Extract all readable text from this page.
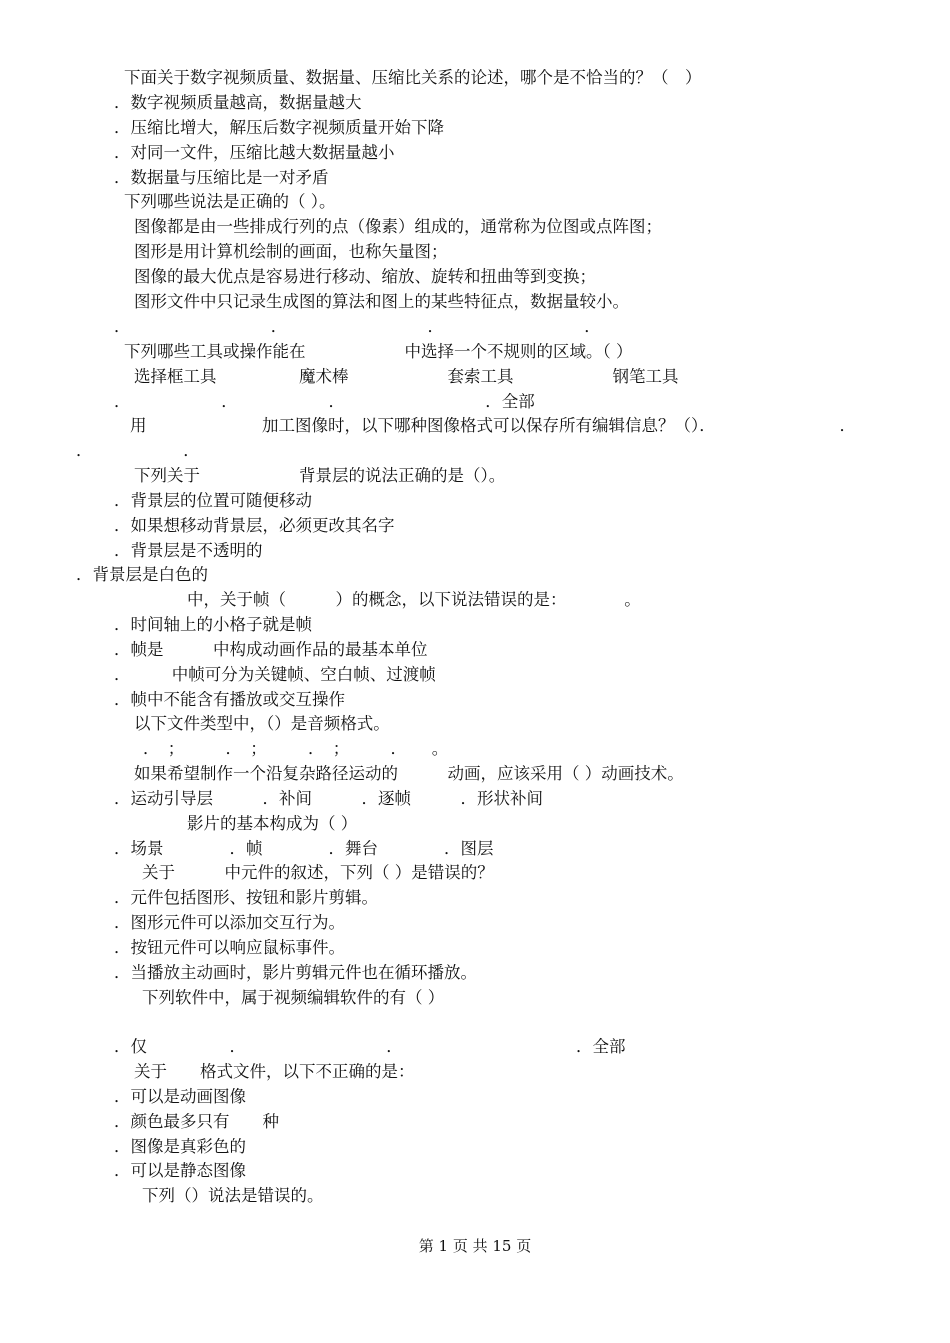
下面关于数字视频质量、数据量、压缩比关系的论述，哪个是不恰当的？（　）

．数字视频质量越高，数据量越大

．压缩比增大，解压后数字视频质量开始下降

．对同一文件，压缩比越大数据量越小

．数据量与压缩比是一对矛盾

下列哪些说法是正确的（ ）。

图像都是由一些排成行列的点（像素）组成的，通常称为位图或点阵图；

图形是用计算机绘制的画面，也称矢量图；

图像的最大优点是容易进行移动、缩放、旋转和扭曲等到变换；

图形文件中只记录生成图的算法和图上的某些特征点，数据量较小。

．　　　　　　　　　．　　　　　　　　　．　　　　　　　　　．

下列哪些工具或操作能在　　　　　　中选择一个不规则的区域。（ ）

选择框工具　　　　　魔术棒　　　　　　套索工具　　　　　　钢笔工具

．　　　　　　．　　　　　　．　　　　　　　　　．全部

用　　　　　　　加工图像时，以下哪种图像格式可以保存所有编辑信息？（）．　　　　　　　　．

．　　　　　　．

下列关于　　　　　　背景层的说法正确的是（）。

．背景层的位置可随便移动

．如果想移动背景层，必须更改其名字

．背景层是不透明的

．背景层是白色的

中，关于帧（　　　）的概念，以下说法错误的是：　　　　。

．时间轴上的小格子就是帧

．帧是　　　中构成动画作品的最基本单位

．　　　中帧可分为关键帧、空白帧、过渡帧

．帧中不能含有播放或交互操作

以下文件类型中，（）是音频格式。

．　；　　　．　；　　　．　；　　　．　　。

如果希望制作一个沿复杂路径运动的　　　动画，应该采用（ ）动画技术。

．运动引导层　　　．补间　　　．逐帧　　　．形状补间

影片的基本构成为（ ）

．场景　　　　．帧　　　　．舞台　　　　．图层

关于　　　中元件的叙述，下列（ ）是错误的？

．元件包括图形、按钮和影片剪辑。

．图形元件可以添加交互行为。

．按钮元件可以响应鼠标事件。

．当播放主动画时，影片剪辑元件也在循环播放。

下列软件中，属于视频编辑软件的有（ ）

．仅　　　　　．　　　　　　　　　．　　　　　　　　　　　．全部

关于　　格式文件，以下不正确的是：

．可以是动画图像

．颜色最多只有　　种

．图像是真彩色的

．可以是静态图像

下列（）说法是错误的。

第 1 页 共 15 页
